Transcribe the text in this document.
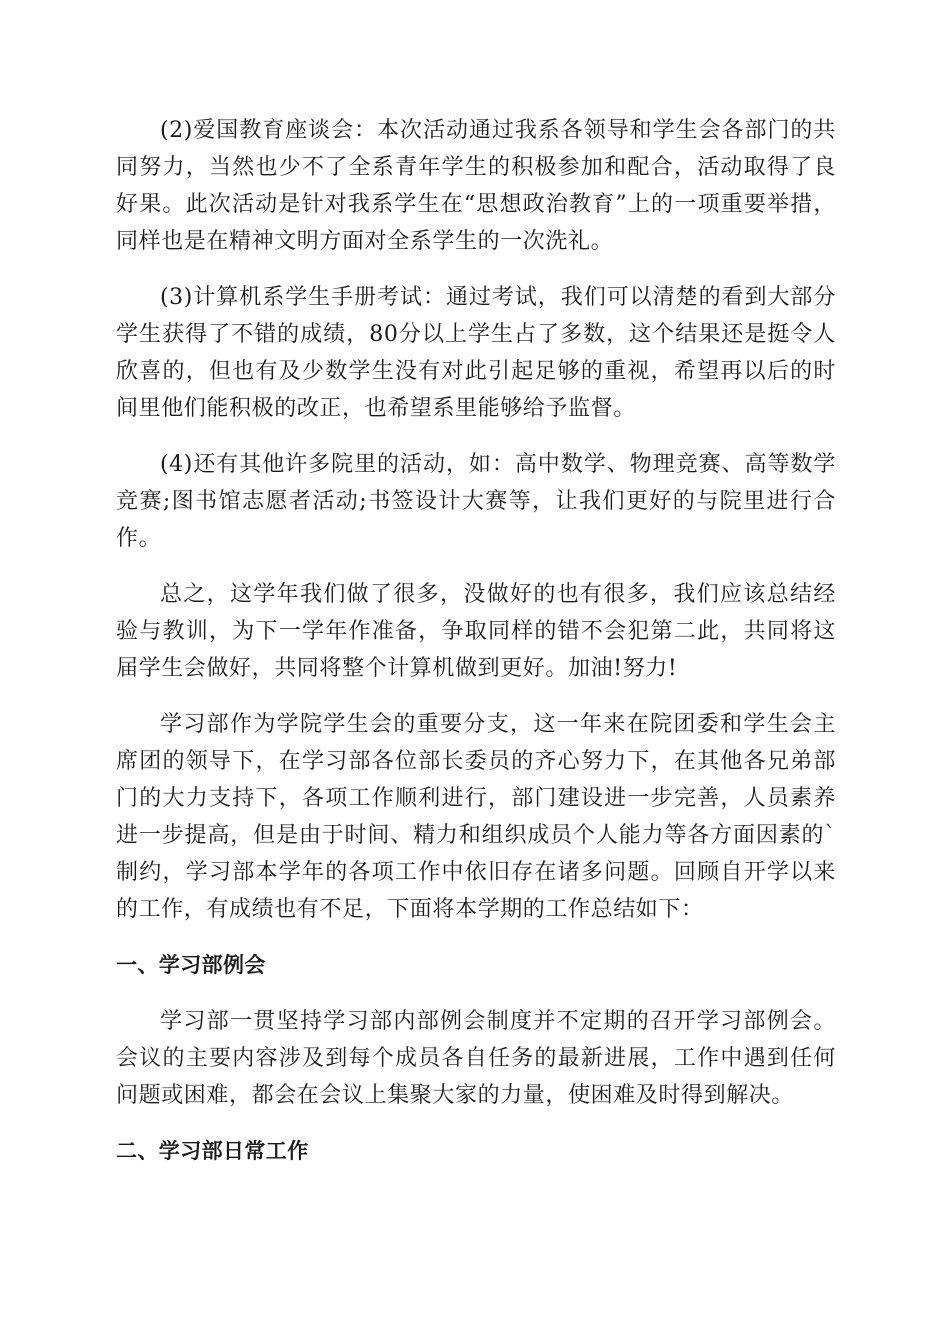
(2)爱国教育座谈会：本次活动通过我系各领导和学生会各部门的共同努力，当然也少不了全系青年学生的积极参加和配合，活动取得了良好果。此次活动是针对我系学生在“思想政治教育”上的一项重要举措，同样也是在精神文明方面对全系学生的一次洗礼。

(3)计算机系学生手册考试：通过考试，我们可以清楚的看到大部分学生获得了不错的成绩，80分以上学生占了多数，这个结果还是挺令人欣喜的，但也有及少数学生没有对此引起足够的重视，希望再以后的时间里他们能积极的改正，也希望系里能够给予监督。

(4)还有其他许多院里的活动，如：高中数学、物理竞赛、高等数学竞赛;图书馆志愿者活动;书签设计大赛等，让我们更好的与院里进行合作。

总之，这学年我们做了很多，没做好的也有很多，我们应该总结经验与教训，为下一学年作准备，争取同样的错不会犯第二此，共同将这届学生会做好，共同将整个计算机做到更好。加油!努力!

学习部作为学院学生会的重要分支，这一年来在院团委和学生会主席团的领导下，在学习部各位部长委员的齐心努力下，在其他各兄弟部门的大力支持下，各项工作顺利进行，部门建设进一步完善，人员素养进一步提高，但是由于时间、精力和组织成员个人能力等各方面因素的`制约，学习部本学年的各项工作中依旧存在诸多问题。回顾自开学以来的工作，有成绩也有不足，下面将本学期的工作总结如下：

一、学习部例会

学习部一贯坚持学习部内部例会制度并不定期的召开学习部例会。会议的主要内容涉及到每个成员各自任务的最新进展，工作中遇到任何问题或困难，都会在会议上集聚大家的力量，使困难及时得到解决。

二、学习部日常工作
